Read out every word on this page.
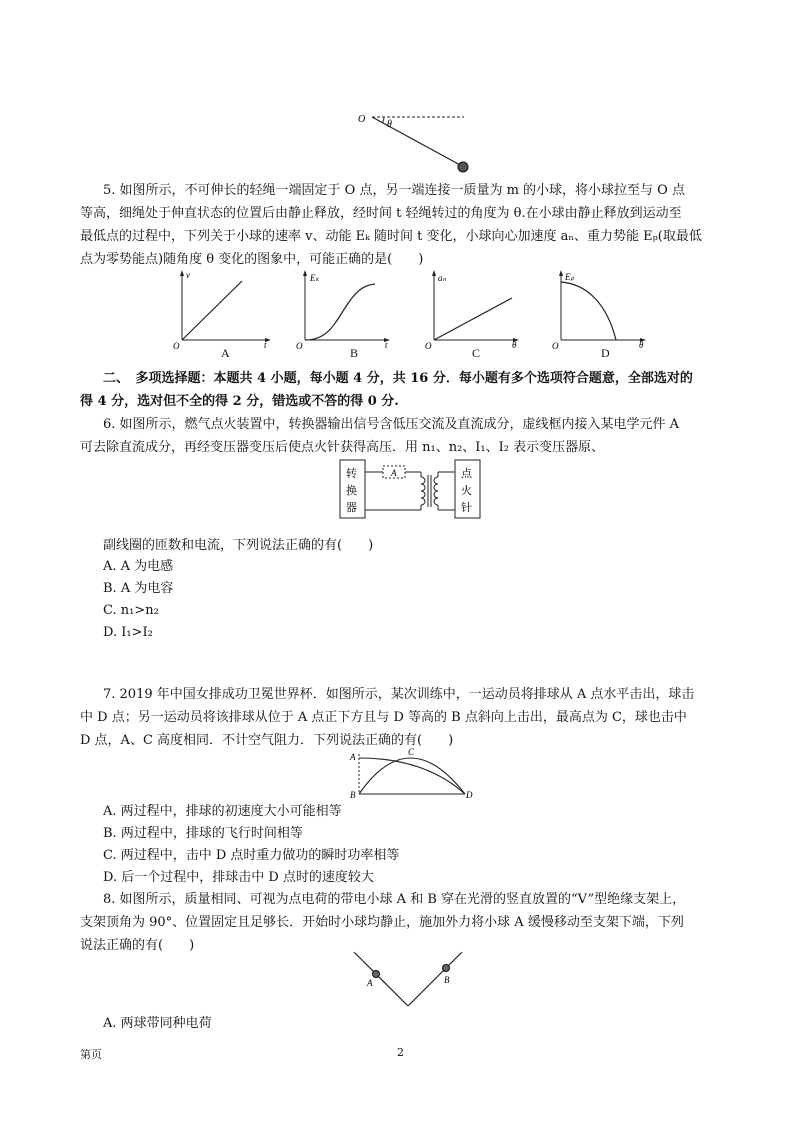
O θ
5. 如图所示，不可伸长的轻绳一端固定于 O 点，另一端连接一质量为 m 的小球，将小球拉至与 O 点
等高，细绳处于伸直状态的位置后由静止释放，经时间 t 轻绳转过的角度为 θ.在小球由静止释放到运动至
最低点的过程中，下列关于小球的速率 v、动能 Eₖ 随时间 t 变化，小球向心加速度 aₙ、重力势能 Eₚ(取最低
点为零势能点)随角度 θ 变化的图象中，可能正确的是(　　)
v
t
O	A
Eₖ
t
O	B
aₙ
θ
O	C
Eₚ
θ
O	D
二、　多项选择题：本题共 4 小题，每小题 4 分，共 16 分．每小题有多个选项符合题意，全部选对的
得 4 分，选对但不全的得 2 分，错选或不答的得 0 分.
6. 如图所示，燃气点火装置中，转换器输出信号含低压交流及直流成分，虚线框内接入某电学元件 A
可去除直流成分，再经变压器变压后使点火针获得高压．用 n₁、n₂、I₁、I₂ 表示变压器原、
A
转
换
器
点
火
针
副线圈的匝数和电流，下列说法正确的有(　　)
A. A 为电感
B. A 为电容
C. n₁>n₂
D. I₁>I₂
7. 2019 年中国女排成功卫冕世界杯．如图所示，某次训练中，一运动员将排球从 A 点水平击出，球击
中 D 点；另一运动员将该排球从位于 A 点正下方且与 D 等高的 B 点斜向上击出，最高点为 C，球也击中
D 点，A、C 高度相同．不计空气阻力．下列说法正确的有(　　)
A
B
C
D
A. 两过程中，排球的初速度大小可能相等
B. 两过程中，排球的飞行时间相等
C. 两过程中，击中 D 点时重力做功的瞬时功率相等
D. 后一个过程中，排球击中 D 点时的速度较大
8. 如图所示，质量相同、可视为点电荷的带电小球 A 和 B 穿在光滑的竖直放置的“V”型绝缘支架上，
支架顶角为 90°、位置固定且足够长．开始时小球均静止，施加外力将小球 A 缓慢移动至支架下端，下列
说法正确的有(　　)
A	B
A. 两球带同种电荷
第页	2
